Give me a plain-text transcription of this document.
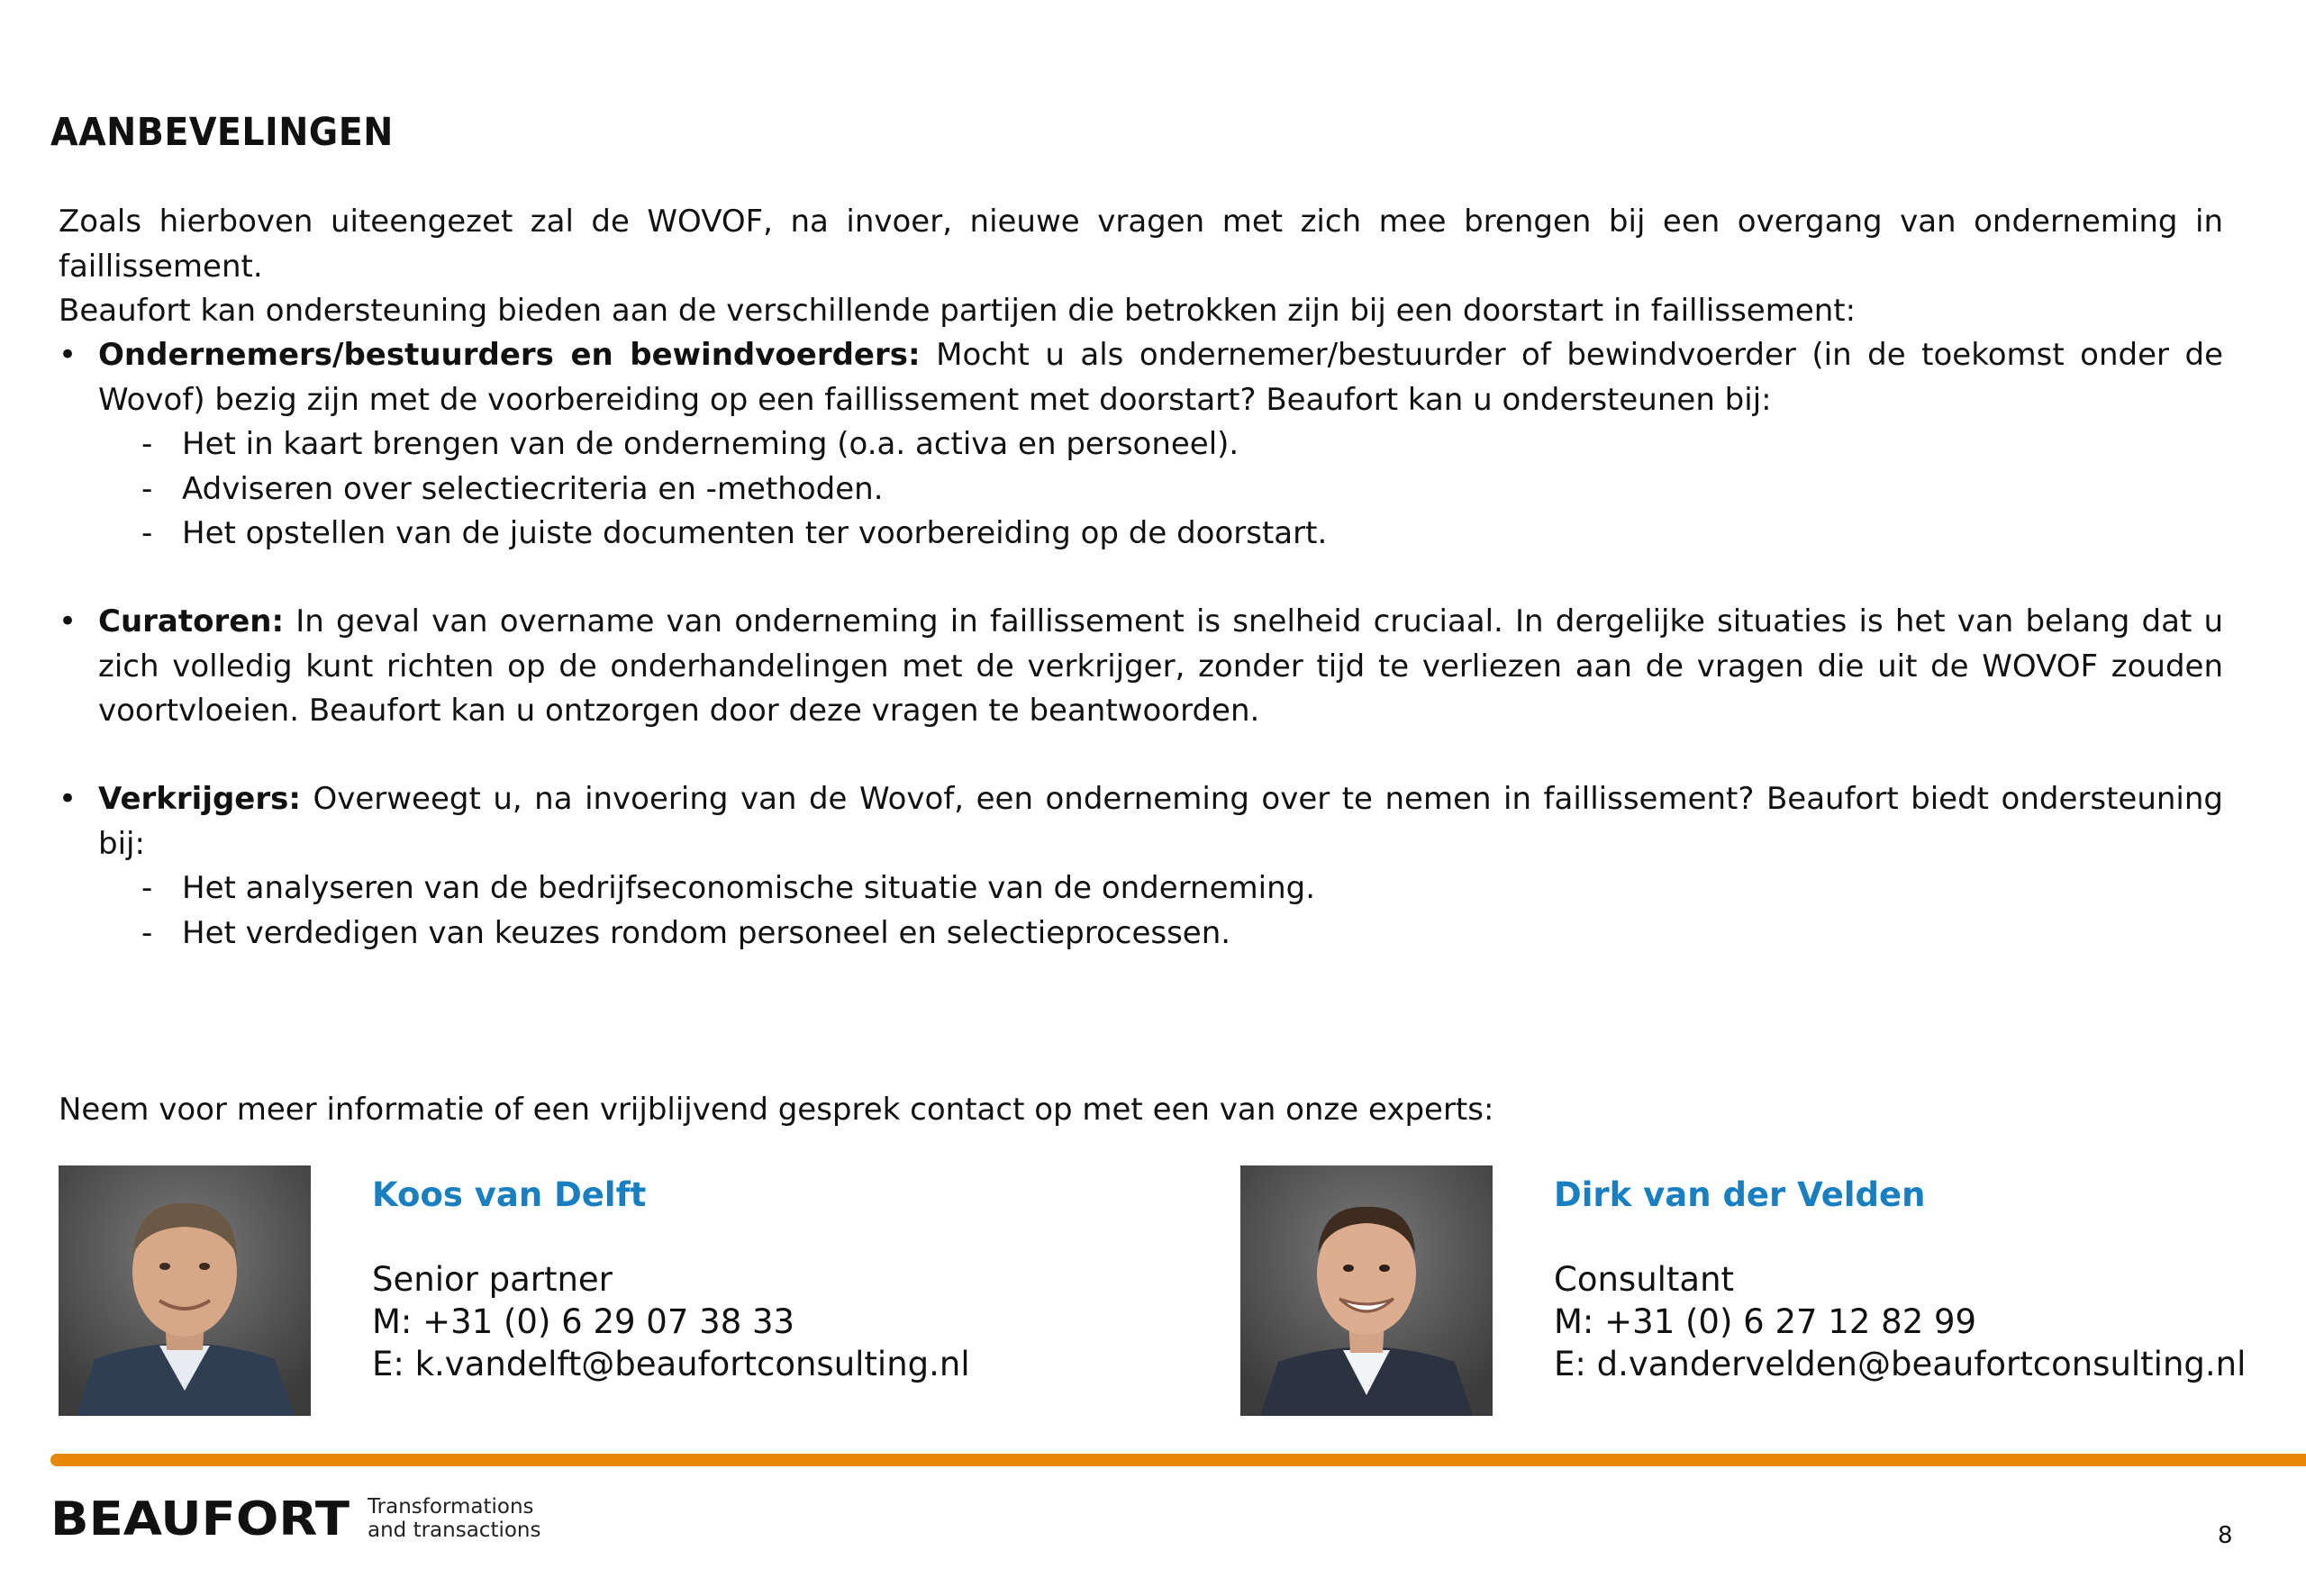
AANBEVELINGEN

Zoals hierboven uiteengezet zal de WOVOF, na invoer, nieuwe vragen met zich mee brengen bij een overgang van onderneming in faillissement.

Beaufort kan ondersteuning bieden aan de verschillende partijen die betrokken zijn bij een doorstart in faillissement:

• Ondernemers/bestuurders en bewindvoerders: Mocht u als ondernemer/bestuurder of bewindvoerder (in de toekomst onder de Wovof) bezig zijn met de voorbereiding op een faillissement met doorstart? Beaufort kan u ondersteunen bij:
- Het in kaart brengen van de onderneming (o.a. activa en personeel).
- Adviseren over selectiecriteria en -methoden.
- Het opstellen van de juiste documenten ter voorbereiding op de doorstart.
• Curatoren: In geval van overname van onderneming in faillissement is snelheid cruciaal. In dergelijke situaties is het van belang dat u zich volledig kunt richten op de onderhandelingen met de verkrijger, zonder tijd te verliezen aan de vragen die uit de WOVOF zouden voortvloeien. Beaufort kan u ontzorgen door deze vragen te beantwoorden.
• Verkrijgers: Overweegt u, na invoering van de Wovof, een onderneming over te nemen in faillissement? Beaufort biedt ondersteuning bij:
- Het analyseren van de bedrijfseconomische situatie van de onderneming.
- Het verdedigen van keuzes rondom personeel en selectieprocessen.

Neem voor meer informatie of een vrijblijvend gesprek contact op met een van onze experts:

Koos van Delft

Senior partner

M: +31 (0) 6 29 07 38 33

E: k.vandelft@beaufortconsulting.nl

Dirk van der Velden

Consultant

M: +31 (0) 6 27 12 82 99

E: d.vandervelden@beaufortconsulting.nl

BEAUFORT Transformations
and transactions	8
